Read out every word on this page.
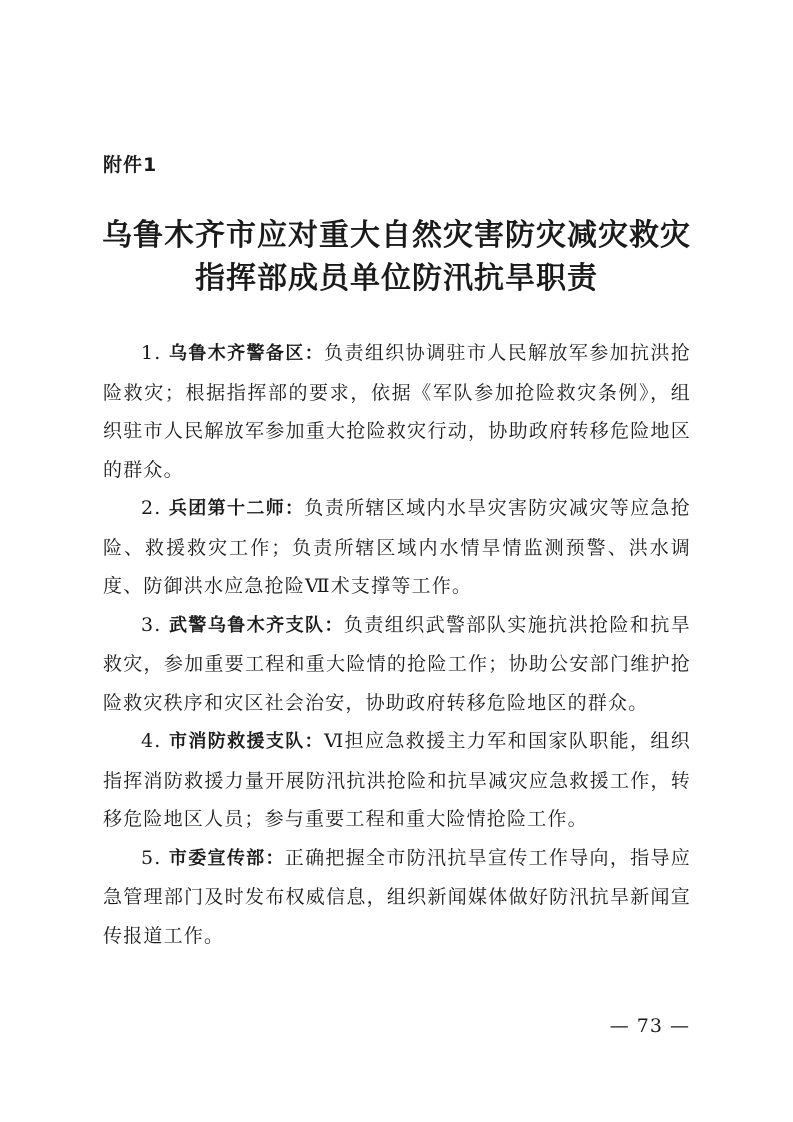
附件1
乌鲁木齐市应对重大自然灾害防灾减灾救灾
指挥部成员单位防汛抗旱职责

1. 乌鲁木齐警备区：负责组织协调驻市人民解放军参加抗洪抢险救灾；根据指挥部的要求，依据《军队参加抢险救灾条例》，组织驻市人民解放军参加重大抢险救灾行动，协助政府转移危险地区的群众。

2. 兵团第十二师：负责所辖区域内水旱灾害防灾减灾等应急抢险、救援救灾工作；负责所辖区域内水情旱情监测预警、洪水调度、防御洪水应急抢险Ⅶ术支撑等工作。

3. 武警乌鲁木齐支队：负责组织武警部队实施抗洪抢险和抗旱救灾，参加重要工程和重大险情的抢险工作；协助公安部门维护抢险救灾秩序和灾区社会治安，协助政府转移危险地区的群众。

4. 市消防救援支队：Ⅵ担应急救援主力军和国家队职能，组织指挥消防救援力量开展防汛抗洪抢险和抗旱减灾应急救援工作，转移危险地区人员；参与重要工程和重大险情抢险工作。

5. 市委宣传部：正确把握全市防汛抗旱宣传工作导向，指导应急管理部门及时发布权威信息，组织新闻媒体做好防汛抗旱新闻宣传报道工作。

— 73 —
